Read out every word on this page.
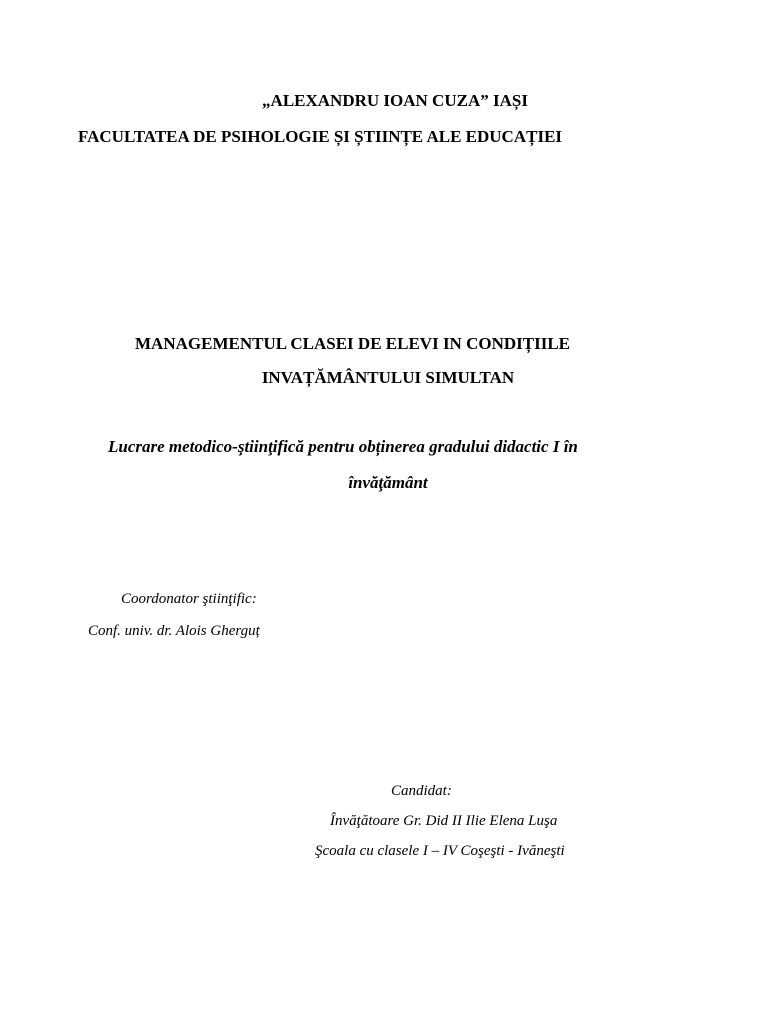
„ALEXANDRU IOAN CUZA” IAȘI
FACULTATEA DE PSIHOLOGIE ȘI ȘTIINȚE ALE EDUCAȚIEI
MANAGEMENTUL CLASEI DE ELEVI IN CONDIȚIILE
INVAȚĂMÂNTULUI SIMULTAN
Lucrare metodico-ştiinţifică pentru obținerea gradului didactic I în
învăţământ
Coordonator ştiinţific:
Conf. univ. dr. Alois Gherguț
Candidat:
Învăţătoare Gr. Did II Ilie Elena Luşa
Şcoala cu clasele I – IV Coşeşti - Ivăneşti
